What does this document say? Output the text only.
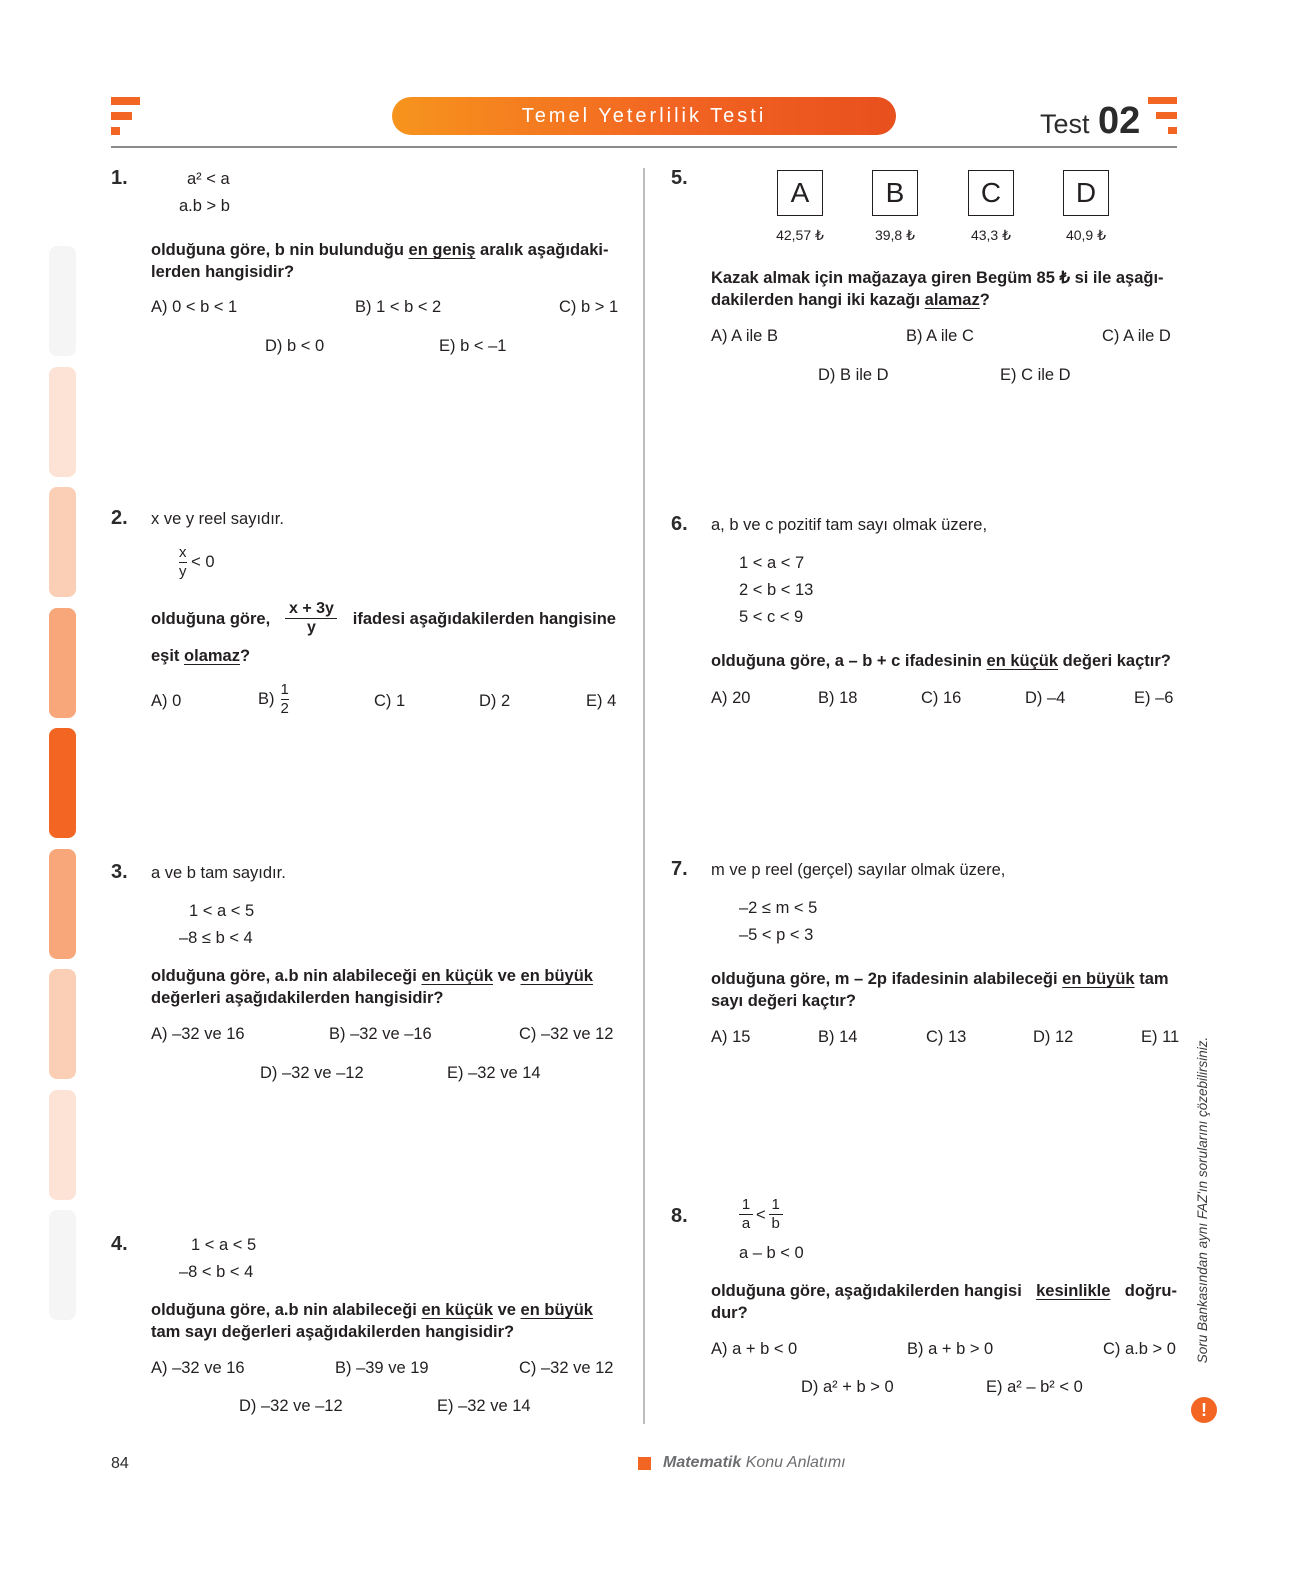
Temel Yeterlilik Testi	Test 02
1.	a² < a
a.b > b
olduğuna göre, b nin bulunduğu en geniş aralık aşağıdaki-
lerden hangisidir?
A) 0 < b < 1	B) 1 < b < 2	C) b > 1
D) b < 0	E) b < –1
2. x ve y reel sayıdır.
$\frac{x}{y} < 0$
olduğuna göre, $\frac{x + 3y}{y}$ ifadesi aşağıdakilerden hangisine
eşit olamaz?
A) 0	$B) \frac{1}{2}$	C) 1	D) 2	E) 4
3. a ve b tam sayıdır.
1 < a < 5
–8 ≤ b < 4
olduğuna göre, a.b nin alabileceği en küçük ve en büyük
değerleri aşağıdakilerden hangisidir?
A) –32 ve 16	B) –32 ve –16	C) –32 ve 12
D) –32 ve –12	E) –32 ve 14
4.	1 < a < 5
–8 < b < 4
olduğuna göre, a.b nin alabileceği en küçük ve en büyük
tam sayı değerleri aşağıdakilerden hangisidir?
A) –32 ve 16	B) –39 ve 19	C) –32 ve 12
D) –32 ve –12	E) –32 ve 14
5.	A	B	C	D
42,57 ₺	39,8 ₺	43,3 ₺	40,9 ₺
Kazak almak için mağazaya giren Begüm 85 ₺ si ile aşağı-
dakilerden hangi iki kazağı alamaz?
A) A ile B	B) A ile C	C) A ile D
D) B ile D	E) C ile D
6. a, b ve c pozitif tam sayı olmak üzere,
1 < a < 7
2 < b < 13
5 < c < 9
olduğuna göre, a – b + c ifadesinin en küçük değeri kaçtır?
A) 20	B) 18	C) 16	D) –4	E) –6
7. m ve p reel (gerçel) sayılar olmak üzere,
–2 ≤ m < 5
–5 < p < 3
olduğuna göre, m – 2p ifadesinin alabileceği en büyük tam
sayı değeri kaçtır?
A) 15	B) 14	C) 13	D) 12	E) 11
8.	$\frac{1}{a} < \frac{1}{b}$
a – b < 0
olduğuna göre, aşağıdakilerden hangisi kesinlikle doğru-
dur?
A) a + b < 0	B) a + b > 0	C) a.b > 0
D) a² + b > 0	E) a² – b² < 0
Soru Bankasından aynı FAZ'ın sorularını çözebilirsiniz.
!
84	Matematik Konu Anlatımı
